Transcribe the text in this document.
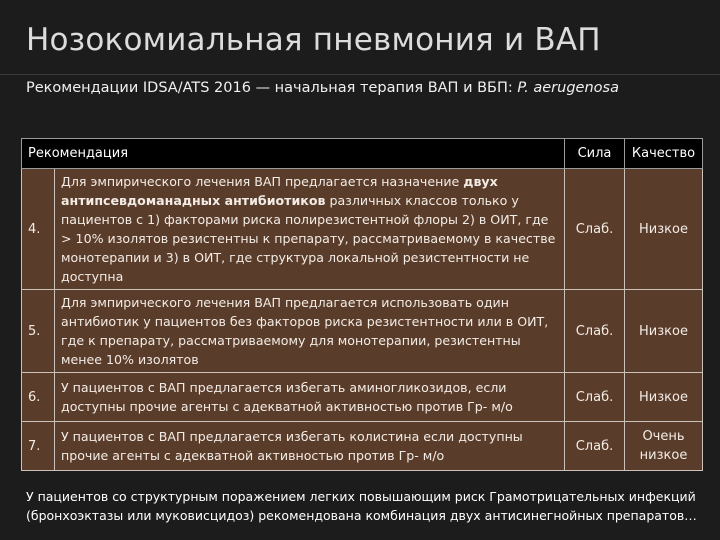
Нозокомиальная пневмония и ВАП
Рекомендации IDSA/ATS 2016 — начальная терапия ВАП и ВБП: P. aerugenosa
Рекомендация		Сила	Качество
4.	Для эмпирического лечения ВАП предлагается назначение двух антипсевдоманадных антибиотиков различных классов только у пациентов с 1) факторами риска полирезистентной флоры 2) в ОИТ, где > 10% изолятов резистентны к препарату, рассматриваемому в качестве монотерапии и 3) в ОИТ, где структура локальной резистентности не доступна	Слаб.	Низкое
5.	Для эмпирического лечения ВАП предлагается использовать один антибиотик у пациентов без факторов риска резистентности или в ОИТ, где к препарату, рассматриваемому для монотерапии, резистентны менее 10% изолятов	Слаб.	Низкое
6.	У пациентов с ВАП предлагается избегать аминогликозидов, если доступны прочие агенты с адекватной активностью против Гр- м/о	Слаб.	Низкое
7.	У пациентов с ВАП предлагается избегать колистина если доступны прочие агенты с адекватной активностью против Гр- м/о	Слаб.	Очень низкое
У пациентов со структурным поражением легких повышающим риск Грамотрицательных инфекций (бронхоэктазы или муковисцидоз) рекомендована комбинация двух антисинегнойных препаратов…
